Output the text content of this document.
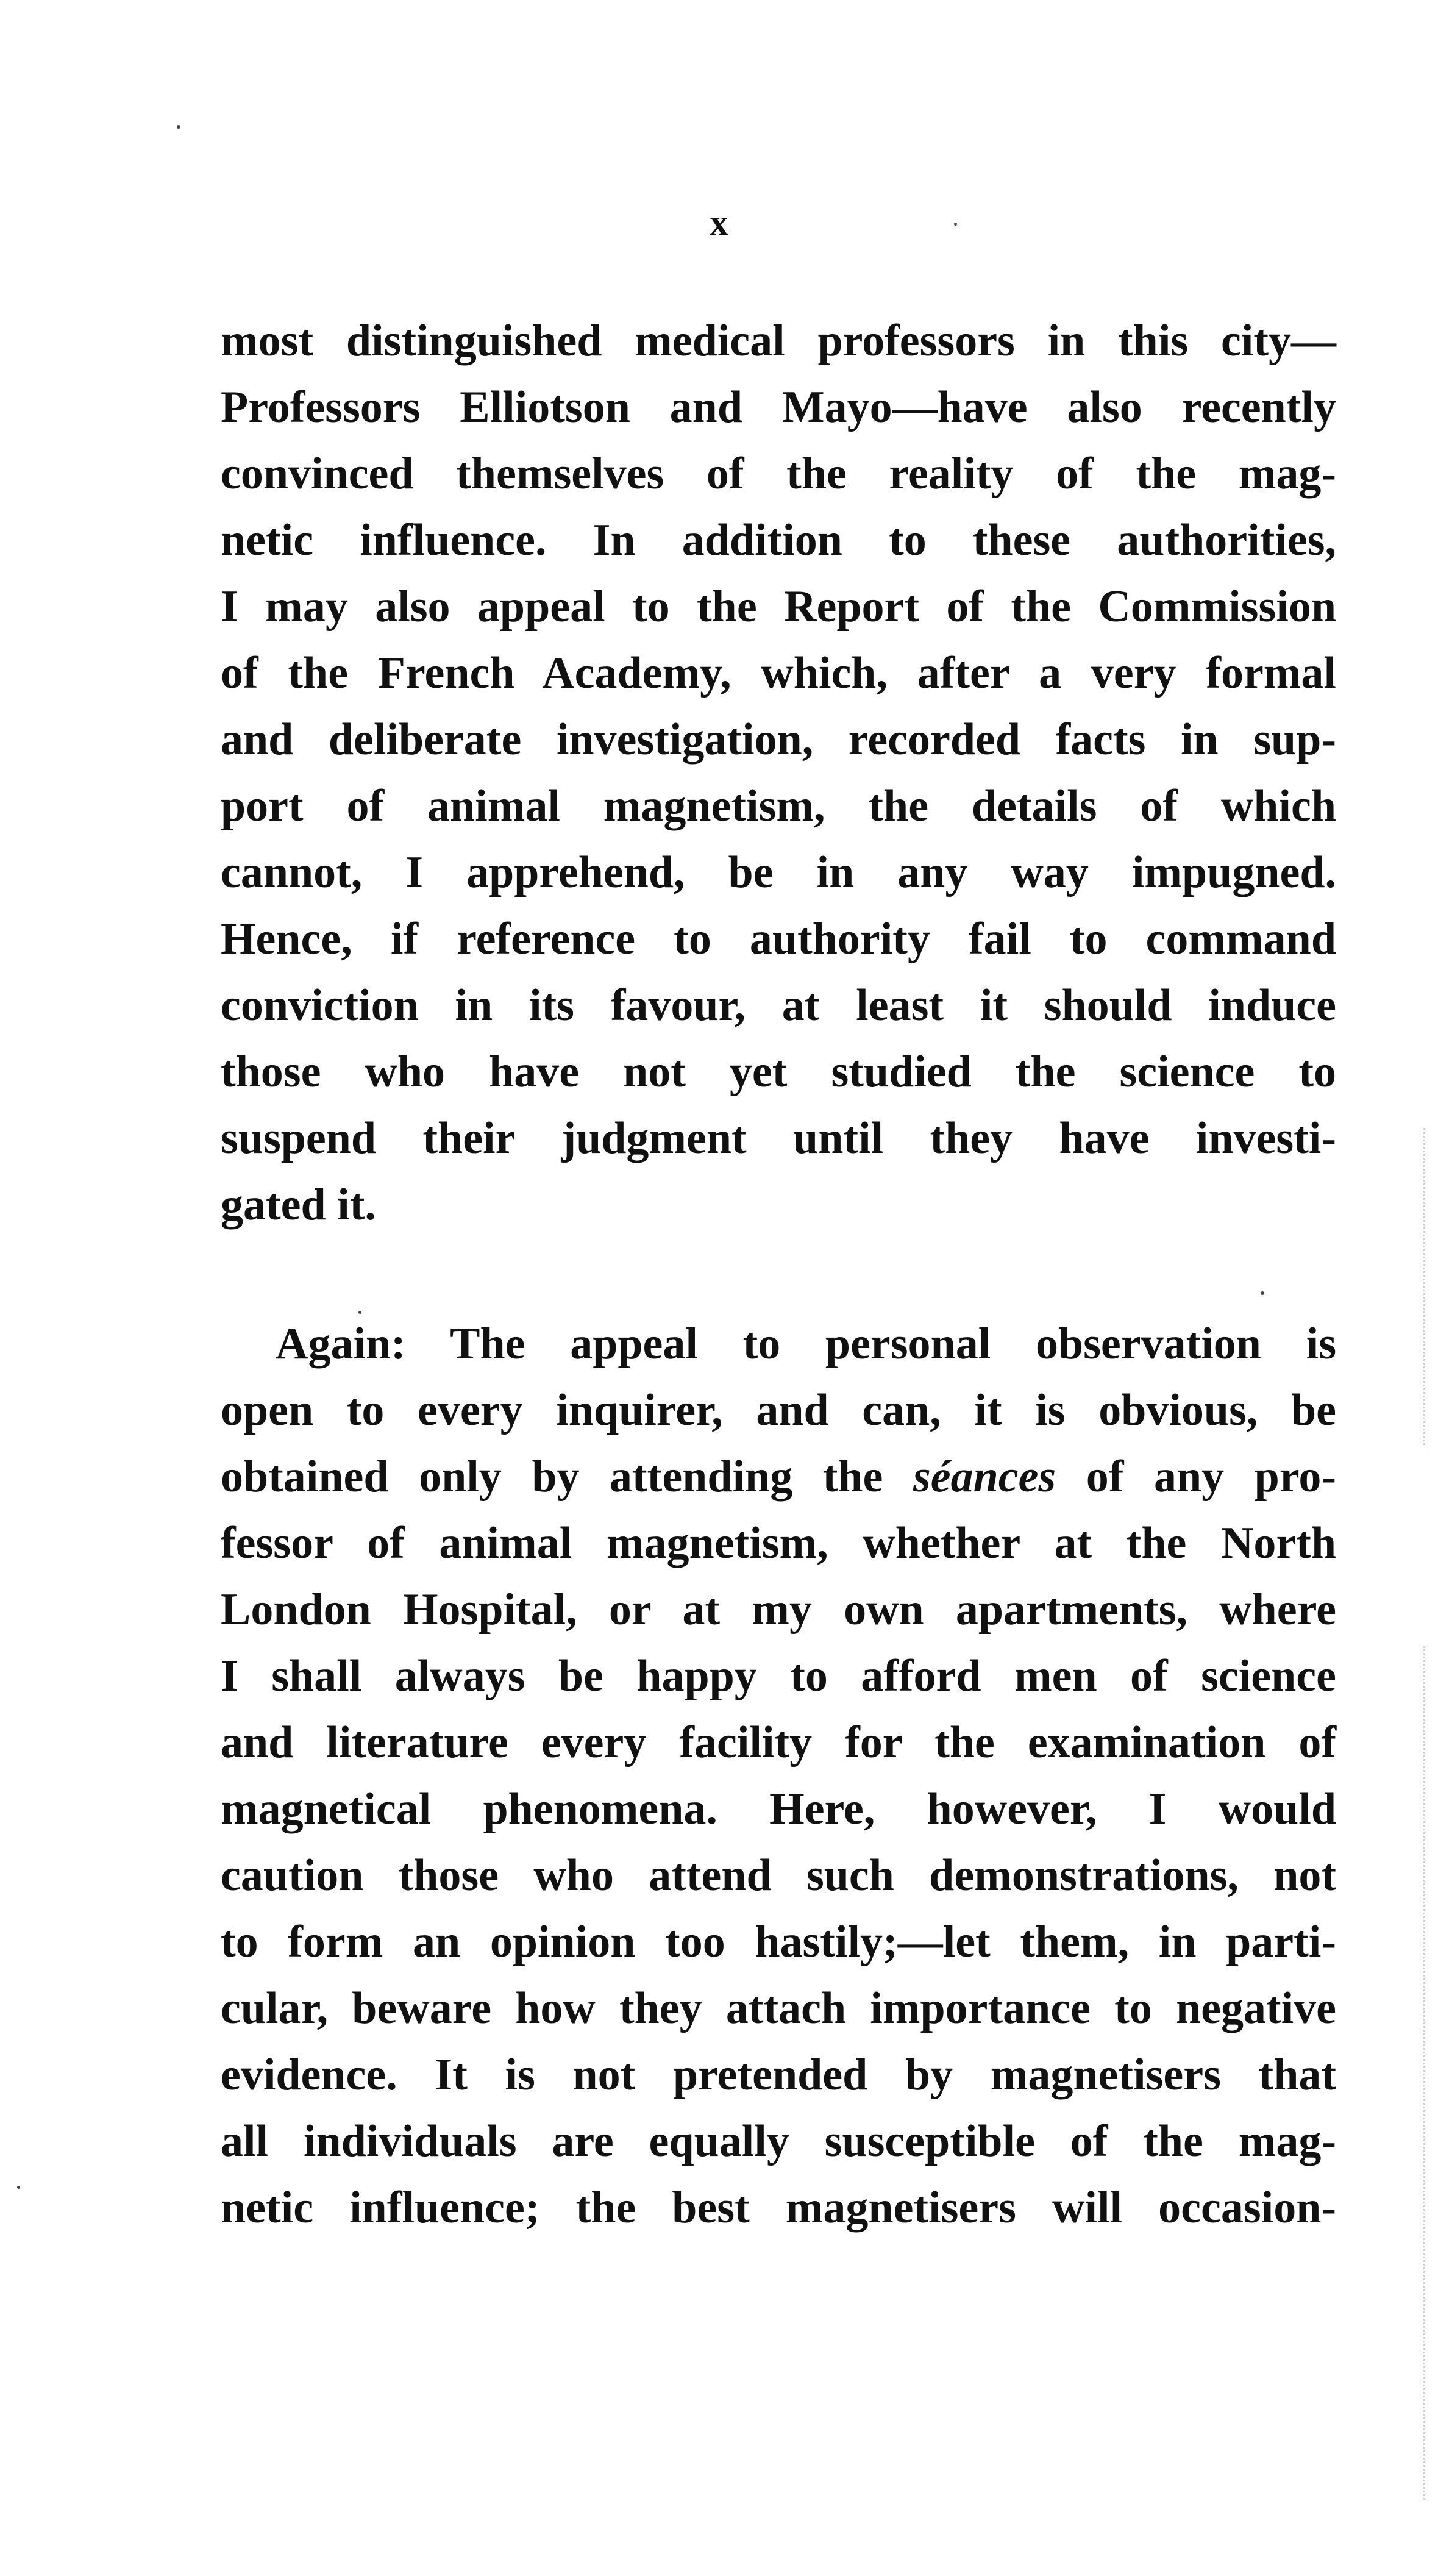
x
most distinguished medical professors in this city—
Professors Elliotson and Mayo—have also recently
convinced themselves of the reality of the mag-
netic influence. In addition to these authorities,
I may also appeal to the Report of the Commission
of the French Academy, which, after a very formal
and deliberate investigation, recorded facts in sup-
port of animal magnetism, the details of which
cannot, I apprehend, be in any way impugned.
Hence, if reference to authority fail to command
conviction in its favour, at least it should induce
those who have not yet studied the science to
suspend their judgment until they have investi-
gated it.
Again: The appeal to personal observation is
open to every inquirer, and can, it is obvious, be
obtained only by attending the séances of any pro-
fessor of animal magnetism, whether at the North
London Hospital, or at my own apartments, where
I shall always be happy to afford men of science
and literature every facility for the examination of
magnetical phenomena. Here, however, I would
caution those who attend such demonstrations, not
to form an opinion too hastily;—let them, in parti-
cular, beware how they attach importance to negative
evidence. It is not pretended by magnetisers that
all individuals are equally susceptible of the mag-
netic influence; the best magnetisers will occasion-
